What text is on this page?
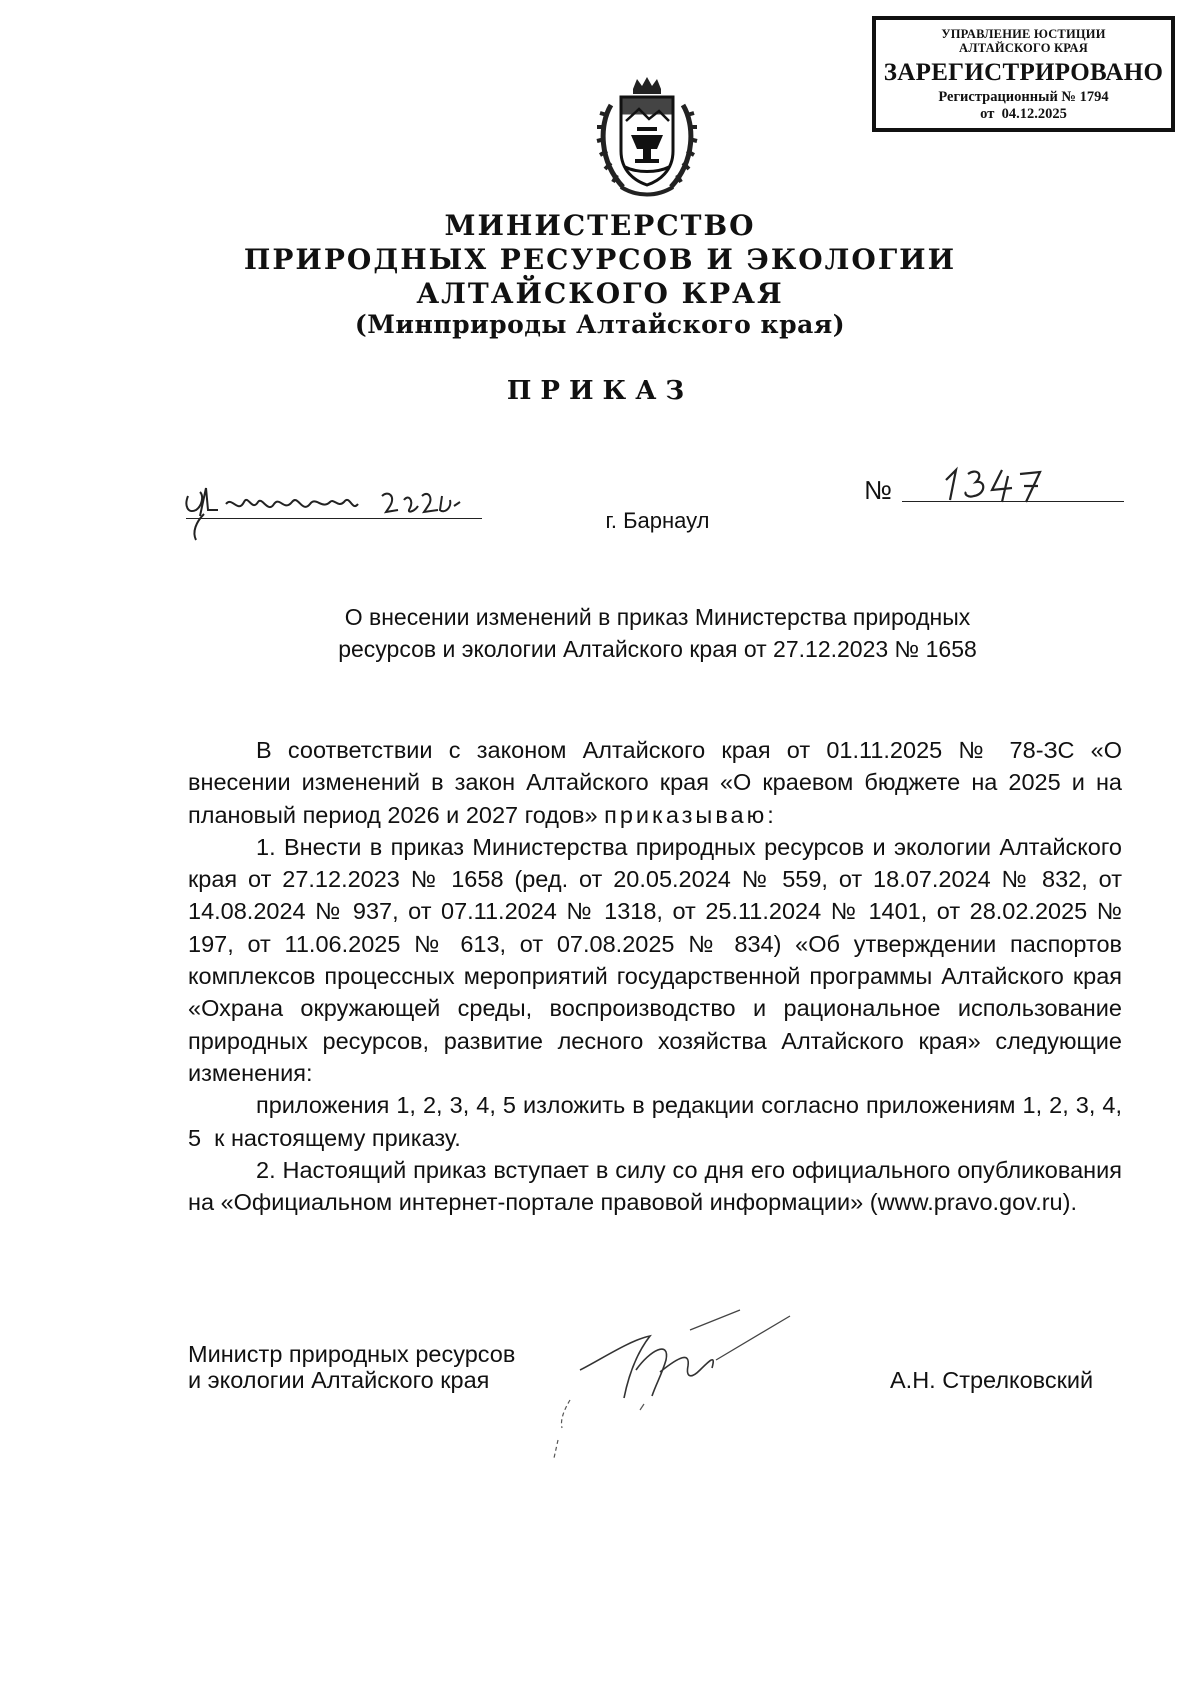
УПРАВЛЕНИЕ ЮСТИЦИИ АЛТАЙСКОГО КРАЯ
ЗАРЕГИСТРИРОВАНО
Регистрационный № 1794
от  04.12.2025
МИНИСТЕРСТВО
ПРИРОДНЫХ РЕСУРСОВ И ЭКОЛОГИИ
АЛТАЙСКОГО КРАЯ
(Минприроды Алтайского края)
ПРИКАЗ
№
г. Барнаул
О внесении изменений в приказ Министерства природных
ресурсов и экологии Алтайского края от 27.12.2023 № 1658

В соответствии с законом Алтайского края от 01.11.2025 № 78-ЗС «О внесении изменений в закон Алтайского края «О краевом бюджете на 2025 и на плановый период 2026 и 2027 годов» приказываю:

1. Внести в приказ Министерства природных ресурсов и экологии Алтайского края от 27.12.2023 № 1658 (ред. от 20.05.2024 № 559, от 18.07.2024 № 832, от 14.08.2024 № 937, от 07.11.2024 № 1318, от 25.11.2024 № 1401, от 28.02.2025 № 197, от 11.06.2025 № 613, от 07.08.2025 № 834) «Об утверждении паспортов комплексов процессных мероприятий государственной программы Алтайского края «Охрана окружающей среды, воспроизводство и рациональное использование природных ресурсов, развитие лесного хозяйства Алтайского края» следующие изменения:

приложения 1, 2, 3, 4, 5 изложить в редакции согласно приложениям 1, 2, 3, 4, 5  к настоящему приказу.

2. Настоящий приказ вступает в силу со дня его официального опубликования на «Официальном интернет-портале правовой информации» (www.pravo.gov.ru).

Министр природных ресурсов
и экологии Алтайского края	А.Н. Стрелковский
